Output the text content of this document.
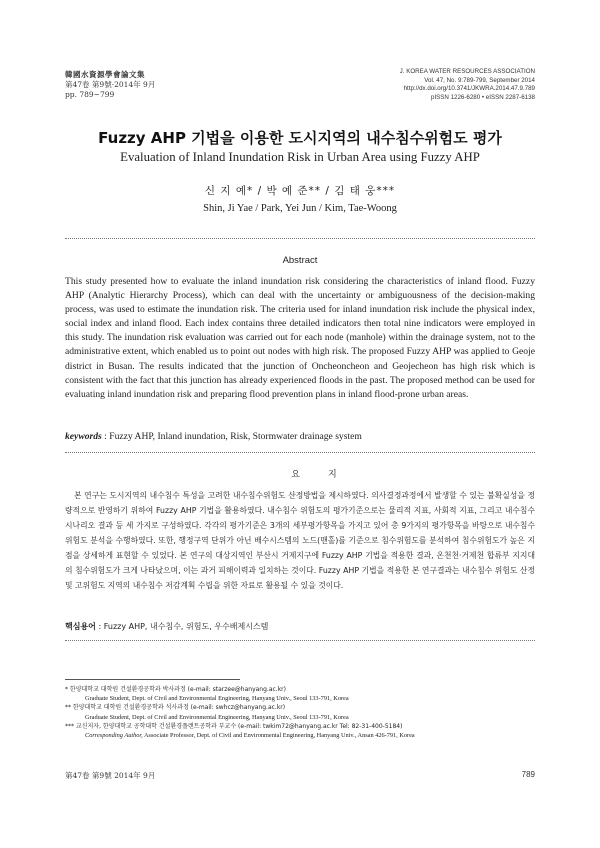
韓國水資源學會論文集
第47卷 第9號·2014年 9月
pp. 789~799
J. KOREA WATER RESOURCES ASSOCIATION
Vol. 47, No. 9:789-799, September 2014
http://dx.doi.org/10.3741/JKWRA.2014.47.9.789
pISSN 1226-6280 • eISSN 2287-6138
Fuzzy AHP 기법을 이용한 도시지역의 내수침수위험도 평가
Evaluation of Inland Inundation Risk in Urban Area using Fuzzy AHP
신 지 예* / 박 예 준** / 김 태 웅***
Shin, Ji Yae / Park, Yei Jun / Kim, Tae-Woong
Abstract

This study presented how to evaluate the inland inundation risk considering the characteristics of inland flood. Fuzzy AHP (Analytic Hierarchy Process), which can deal with the uncertainty or ambiguousness of the decision-making process, was used to estimate the inundation risk. The criteria used for inland inundation risk include the physical index, social index and inland flood. Each index contains three detailed indicators then total nine indicators were employed in this study. The inundation risk evaluation was carried out for each node (manhole) within the drainage system, not to the administrative extent, which enabled us to point out nodes with high risk. The proposed Fuzzy AHP was applied to Geoje district in Busan. The results indicated that the junction of Oncheoncheon and Geojecheon has high risk which is consistent with the fact that this junction has already experienced floods in the past. The proposed method can be used for evaluating inland inundation risk and preparing flood prevention plans in inland flood-prone urban areas.

keywords : Fuzzy AHP, Inland inundation, Risk, Stormwater drainage system
요지

본 연구는 도시지역의 내수침수 특성을 고려한 내수침수위험도 산정방법을 제시하였다. 의사결정과정에서 발생할 수 있는 불확실성을 정량적으로 반영하기 위하여 Fuzzy AHP 기법을 활용하였다. 내수침수 위험도의 평가기준으로는 물리적 지표, 사회적 지표, 그리고 내수침수 시나리오 결과 등 세 가지로 구성하였다. 각각의 평가기준은 3개의 세부평가항목을 가지고 있어 총 9가지의 평가항목을 바탕으로 내수침수 위험도 분석을 수행하였다. 또한, 행정구역 단위가 아닌 배수시스템의 노드(맨홀)를 기준으로 침수위험도를 분석하여 침수위험도가 높은 지점을 상세하게 표현할 수 있었다. 본 연구의 대상지역인 부산시 거제지구에 Fuzzy AHP 기법을 적용한 결과, 온천천·거제천 합류부 지지대의 침수위험도가 크게 나타났으며, 이는 과거 피해이력과 일치하는 것이다. Fuzzy AHP 기법을 적용한 본 연구결과는 내수침수 위험도 산정 및 고위험도 지역의 내수침수 저감계획 수립을 위한 자료로 활용될 수 있을 것이다.

핵심용어 : Fuzzy AHP, 내수침수, 위험도, 우수배제시스템
* 한양대학교 대학원 건설환경공학과 박사과정 (e-mail: starzee@hanyang.ac.kr)
Graduate Student, Dept. of Civil and Environmental Engineering, Hanyang Univ., Seoul 133-791, Korea
** 한양대학교 대학원 건설환경공학과 석사과정 (e-mail: swhcz@hanyang.ac.kr)
Graduate Student, Dept. of Civil and Environmental Engineering, Hanyang Univ., Seoul 133-791, Korea
*** 교신저자, 한양대학교 공학대학 건설환경플랜트공학과 부교수 (e-mail: twkim72@hanyang.ac.kr Tel: 82-31-400-5184)
Corresponding Author, Associate Professor, Dept. of Civil and Environmental Engineering, Hanyang Univ., Ansan 426-791, Korea
第47卷 第9號 2014年 9月	789
